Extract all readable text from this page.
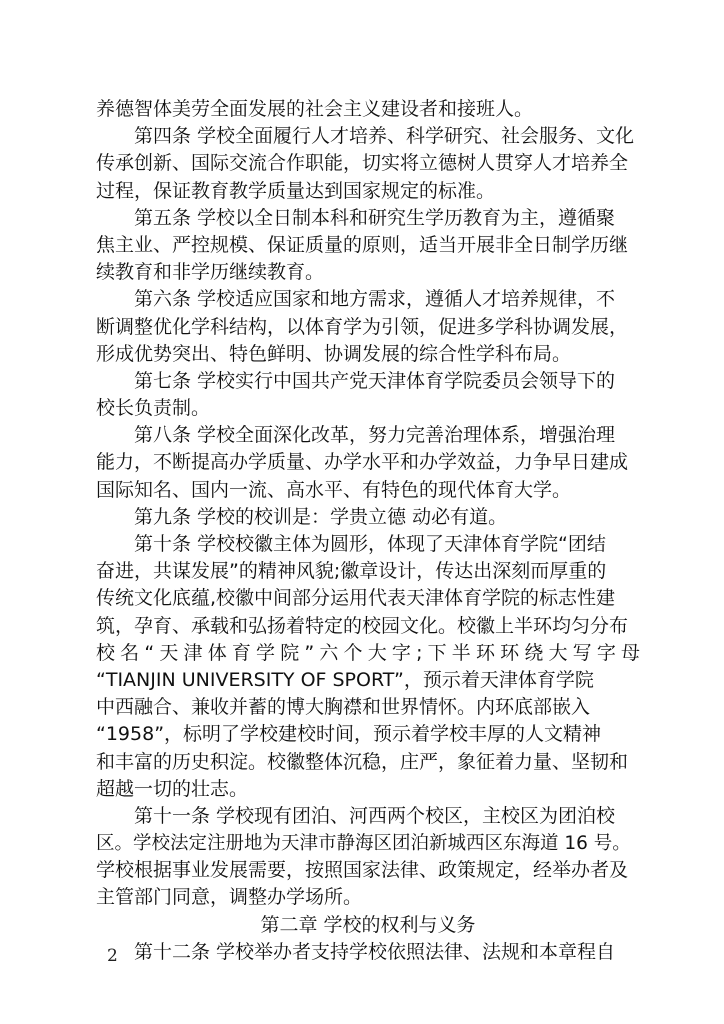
养德智体美劳全面发展的社会主义建设者和接班人。
第四条 学校全面履行人才培养、科学研究、社会服务、文化
传承创新、国际交流合作职能，切实将立德树人贯穿人才培养全
过程，保证教育教学质量达到国家规定的标准。
第五条 学校以全日制本科和研究生学历教育为主，遵循聚
焦主业、严控规模、保证质量的原则，适当开展非全日制学历继
续教育和非学历继续教育。
第六条 学校适应国家和地方需求，遵循人才培养规律，不
断调整优化学科结构，以体育学为引领，促进多学科协调发展，
形成优势突出、特色鲜明、协调发展的综合性学科布局。
第七条 学校实行中国共产党天津体育学院委员会领导下的
校长负责制。
第八条 学校全面深化改革，努力完善治理体系，增强治理
能力，不断提高办学质量、办学水平和办学效益，力争早日建成
国际知名、国内一流、高水平、有特色的现代体育大学。
第九条 学校的校训是：学贵立德 动必有道。
第十条 学校校徽主体为圆形，体现了天津体育学院“团结
奋进，共谋发展”的精神风貌;徽章设计，传达出深刻而厚重的
传统文化底蕴,校徽中间部分运用代表天津体育学院的标志性建
筑，孕育、承载和弘扬着特定的校园文化。校徽上半环均匀分布
校名“天津体育学院”六个大字;下半环环绕大写字母
“TIANJIN UNIVERSITY OF SPORT”，预示着天津体育学院
中西融合、兼收并蓄的博大胸襟和世界情怀。内环底部嵌入
“1958”，标明了学校建校时间，预示着学校丰厚的人文精神
和丰富的历史积淀。校徽整体沉稳，庄严，象征着力量、坚韧和
超越一切的壮志。
第十一条 学校现有团泊、河西两个校区，主校区为团泊校
区。学校法定注册地为天津市静海区团泊新城西区东海道 16 号。
学校根据事业发展需要，按照国家法律、政策规定，经举办者及
主管部门同意，调整办学场所。
第二章 学校的权利与义务
第十二条 学校举办者支持学校依照法律、法规和本章程自
2
